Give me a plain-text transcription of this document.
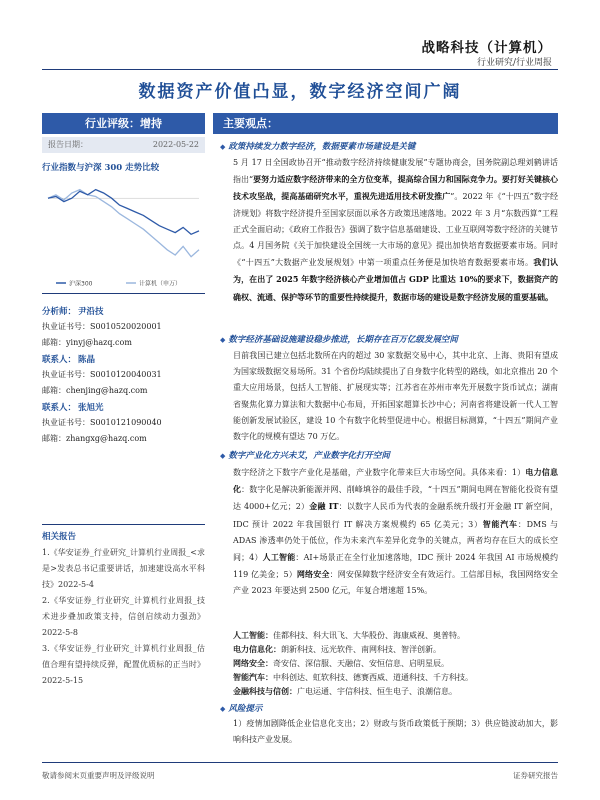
战略科技（计算机）
行业研究/行业周报
数据资产价值凸显，数字经济空间广阔
行业评级：增持
报告日期：	2022-05-22
行业指数与沪深 300 走势比较
沪深300	计算机（申万）
分析师： 尹沿技
执业证书号：S0010520020001
邮箱：yinyj@hazq.com
联系人： 陈晶
执业证书号：S0010120040031
邮箱：chenjing@hazq.com
联系人： 张旭光
执业证书号：S0010121090040
邮箱：zhangxg@hazq.com
相关报告
1.《华安证券_行业研究_计算机行业周报_<求是>发表总书记重要讲话，加速建设高水平科技》2022-5-4
2.《华安证券_行业研究_计算机行业周报_技术进步叠加政策支持，信创启续动力强劲》2022-5-8
3.《华安证券_行业研究_计算机行业周报_估值合理有望持续反弹，配置优质标的正当时》2022-5-15
主要观点：
◆ 政策持续发力数字经济，数据要素市场建设是关键
5 月 17 日全国政协召开“推动数字经济持续健康发展”专题协商会，国务院副总理刘鹤讲话指出“要努力适应数字经济带来的全方位变革，提高综合国力和国际竞争力。要打好关键核心技术攻坚战，提高基础研究水平，重视先进适用技术研发推广”。2022 年《“十四五”数字经济规划》将数字经济提升至国家层面以承各方政策迅速落地。2022 年 3 月“东数西算”工程正式全面启动；《政府工作报告》强调了数字信息基础建设、工业互联网等数字经济的关键节点。4 月国务院《关于加快建设全国统一大市场的意见》提出加快培育数据要素市场。同时《“十四五”大数据产业发展规划》中第一项重点任务便是加快培育数据要素市场。我们认为，在出了 2025 年数字经济核心产业增加值占 GDP 比重达 10%的要求下，数据资产的确权、流通、保护等环节的重要性持续提升，数据市场的建设是数字经济发展的重要基础。
◆ 数字经济基础设施建设稳步推进，长期存在百万亿级发展空间
目前我国已建立包括北数所在内的超过 30 家数据交易中心，其中北京、上海、贵阳有望成为国家级数据交易场所。31 个省份均陆续提出了自身数字化转型的路线，如北京推出 20 个重大应用场景，包括人工智能、扩展现实等；江苏省在苏州市率先开展数字货币试点；湖南省聚焦化算力算法和大数据中心布局，开拓国家超算长沙中心；河南省将建设新一代人工智能创新发展试验区，建设 10 个有数字化转型促进中心。根据目标测算，“十四五”期间产业数字化的规模有望达 70 万亿。
◆ 数字产业化方兴未艾，产业数字化打开空间
数字经济之下数字产业化是基础，产业数字化带来巨大市场空间。具体来看：1）电力信息化：数字化是解决新能源并网、削峰填谷的最佳手段，“十四五”期间电网在智能化投资有望达 4000+亿元；2）金融 IT：以数字人民币为代表的金融系统升级打开金融 IT 新空间，IDC 预计 2022 年我国银行 IT 解决方案规模约 65 亿美元；3）智能汽车：DMS 与 ADAS 渗透率仍处于低位，作为未来汽车差异化竞争的关键点，两者均存在巨大的成长空间；4）人工智能：AI+场景正在全行业加速落地，IDC 预计 2024 年我国 AI 市场规模约 119 亿美金；5）网络安全：网安保障数字经济安全有效运行。工信部目标，我国网络安全产业 2023 年要达到 2500 亿元，年复合增速超 15%。
人工智能：佳都科技、科大讯飞、大华股份、海康威视、奥普特。
电力信息化：朗新科技、远光软件、南网科技、智洋创新。
网络安全：奇安信、深信服、天融信、安恒信息、启明星辰。
智能汽车：中科创达、虹软科技、德赛西威、道通科技、千方科技。
金融科技与信创：广电运通、宇信科技、恒生电子、浪潮信息。
◆ 风险提示
1）疫情加剧降低企业信息化支出；2）财政与货币政策低于预期；3）供应链波动加大，影响科技产业发展。
敬请参阅末页重要声明及评级说明	证券研究报告
